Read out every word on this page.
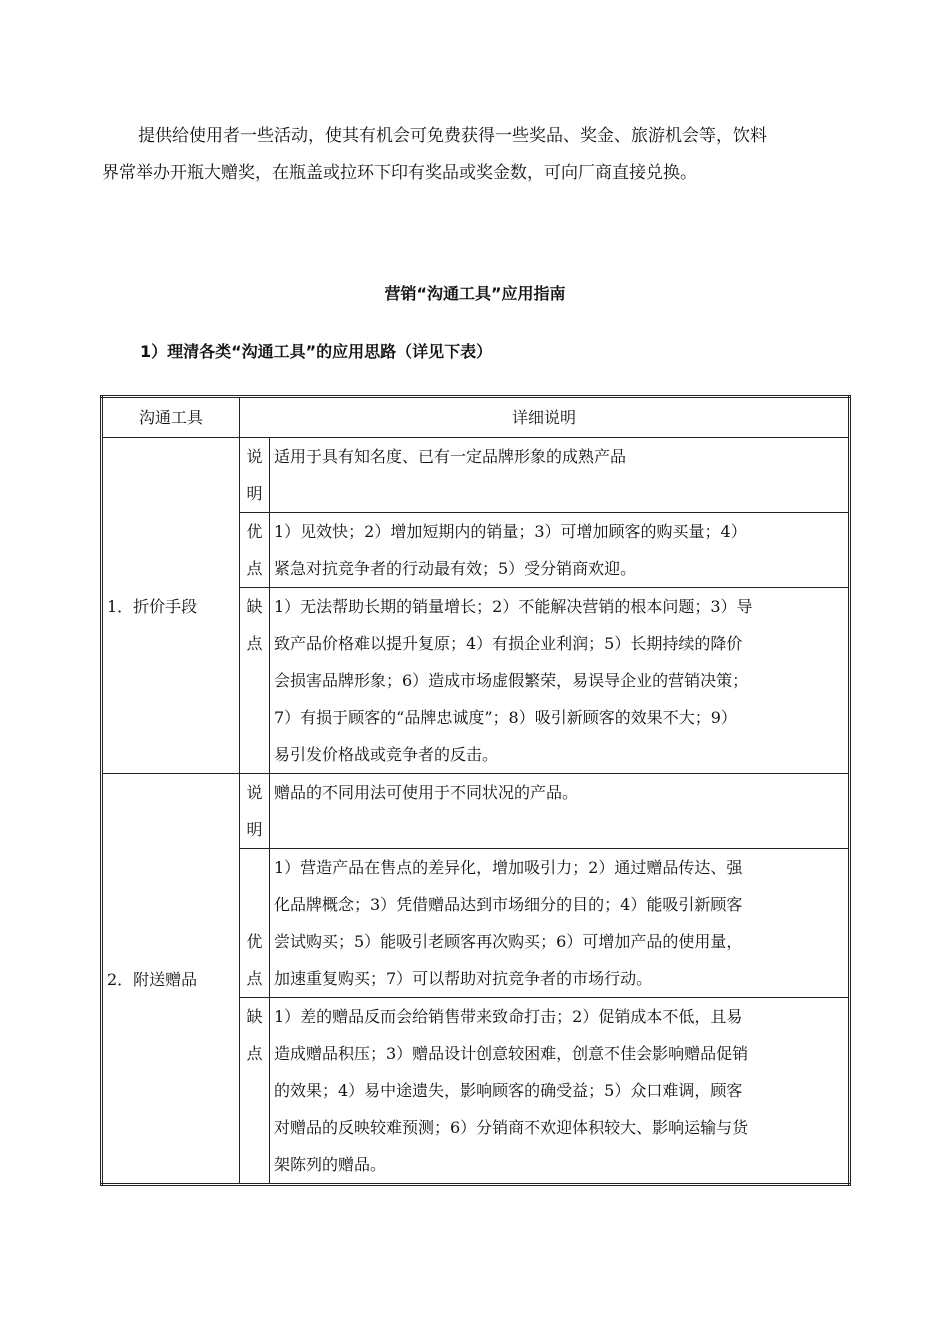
提供给使用者一些活动，使其有机会可免费获得一些奖品、奖金、旅游机会等，饮料
界常举办开瓶大赠奖，在瓶盖或拉环下印有奖品或奖金数，可向厂商直接兑换。
营销“沟通工具”应用指南
1）理清各类“沟通工具”的应用思路（详见下表）
沟通工具	详细说明	
1．折价手段	说
明	适用于具有知名度、已有一定品牌形象的成熟产品

	优
点	1）见效快；2）增加短期内的销量；3）可增加顾客的购买量；4）
紧急对抗竞争者的行动最有效；5）受分销商欢迎。

	缺
点	1）无法帮助长期的销量增长；2）不能解决营销的根本问题；3）导
致产品价格难以提升复原；4）有损企业利润；5）长期持续的降价
会损害品牌形象；6）造成市场虚假繁荣，易误导企业的营销决策；
7）有损于顾客的“品牌忠诚度”；8）吸引新顾客的效果不大；9）
易引发价格战或竞争者的反击。

2．附送赠品	说
明	赠品的不同用法可使用于不同状况的产品。

	优
点	1）营造产品在售点的差异化，增加吸引力；2）通过赠品传达、强
化品牌概念；3）凭借赠品达到市场细分的目的；4）能吸引新顾客
尝试购买；5）能吸引老顾客再次购买；6）可增加产品的使用量，
加速重复购买；7）可以帮助对抗竞争者的市场行动。

	缺
点	1）差的赠品反而会给销售带来致命打击；2）促销成本不低，且易
造成赠品积压；3）赠品设计创意较困难，创意不佳会影响赠品促销
的效果；4）易中途遗失，影响顾客的确受益；5）众口难调，顾客
对赠品的反映较难预测；6）分销商不欢迎体积较大、影响运输与货
架陈列的赠品。
